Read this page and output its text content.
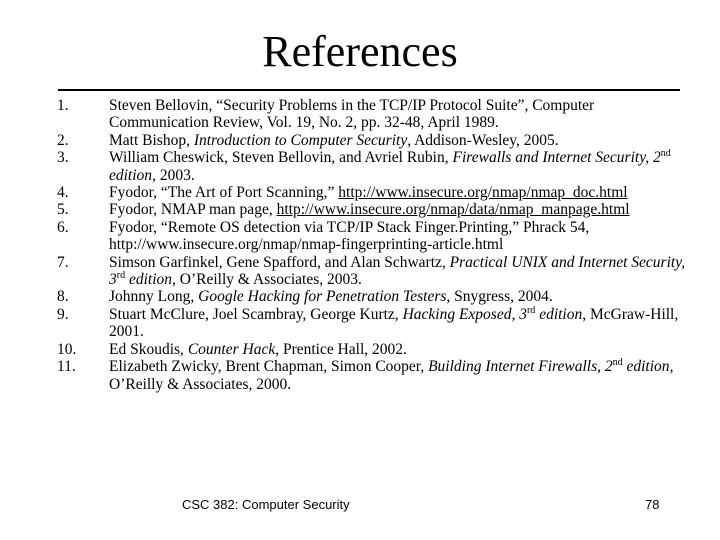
References
1.	Steven Bellovin, “Security Problems in the TCP/IP Protocol Suite”, Computer Communication Review, Vol. 19, No. 2, pp. 32-48, April 1989.
2.	Matt Bishop, Introduction to Computer Security, Addison-Wesley, 2005.
3.	William Cheswick, Steven Bellovin, and Avriel Rubin, Firewalls and Internet Security, 2nd edition, 2003.
4.	Fyodor, “The Art of Port Scanning,” http://www.insecure.org/nmap/nmap_doc.html
5.	Fyodor, NMAP man page, http://www.insecure.org/nmap/data/nmap_manpage.html
6.	Fyodor, “Remote OS detection via TCP/IP Stack Finger.Printing,” Phrack 54, http://www.insecure.org/nmap/nmap-fingerprinting-article.html
7.	Simson Garfinkel, Gene Spafford, and Alan Schwartz, Practical UNIX and Internet Security, 3rd edition, O’Reilly & Associates, 2003.
8.	Johnny Long, Google Hacking for Penetration Testers, Snygress, 2004.
9.	Stuart McClure, Joel Scambray, George Kurtz, Hacking Exposed, 3rd edition, McGraw-Hill, 2001.
10.	Ed Skoudis, Counter Hack, Prentice Hall, 2002.
11.	Elizabeth Zwicky, Brent Chapman, Simon Cooper, Building Internet Firewalls, 2nd edition, O’Reilly & Associates, 2000.
CSC 382: Computer Security	78
